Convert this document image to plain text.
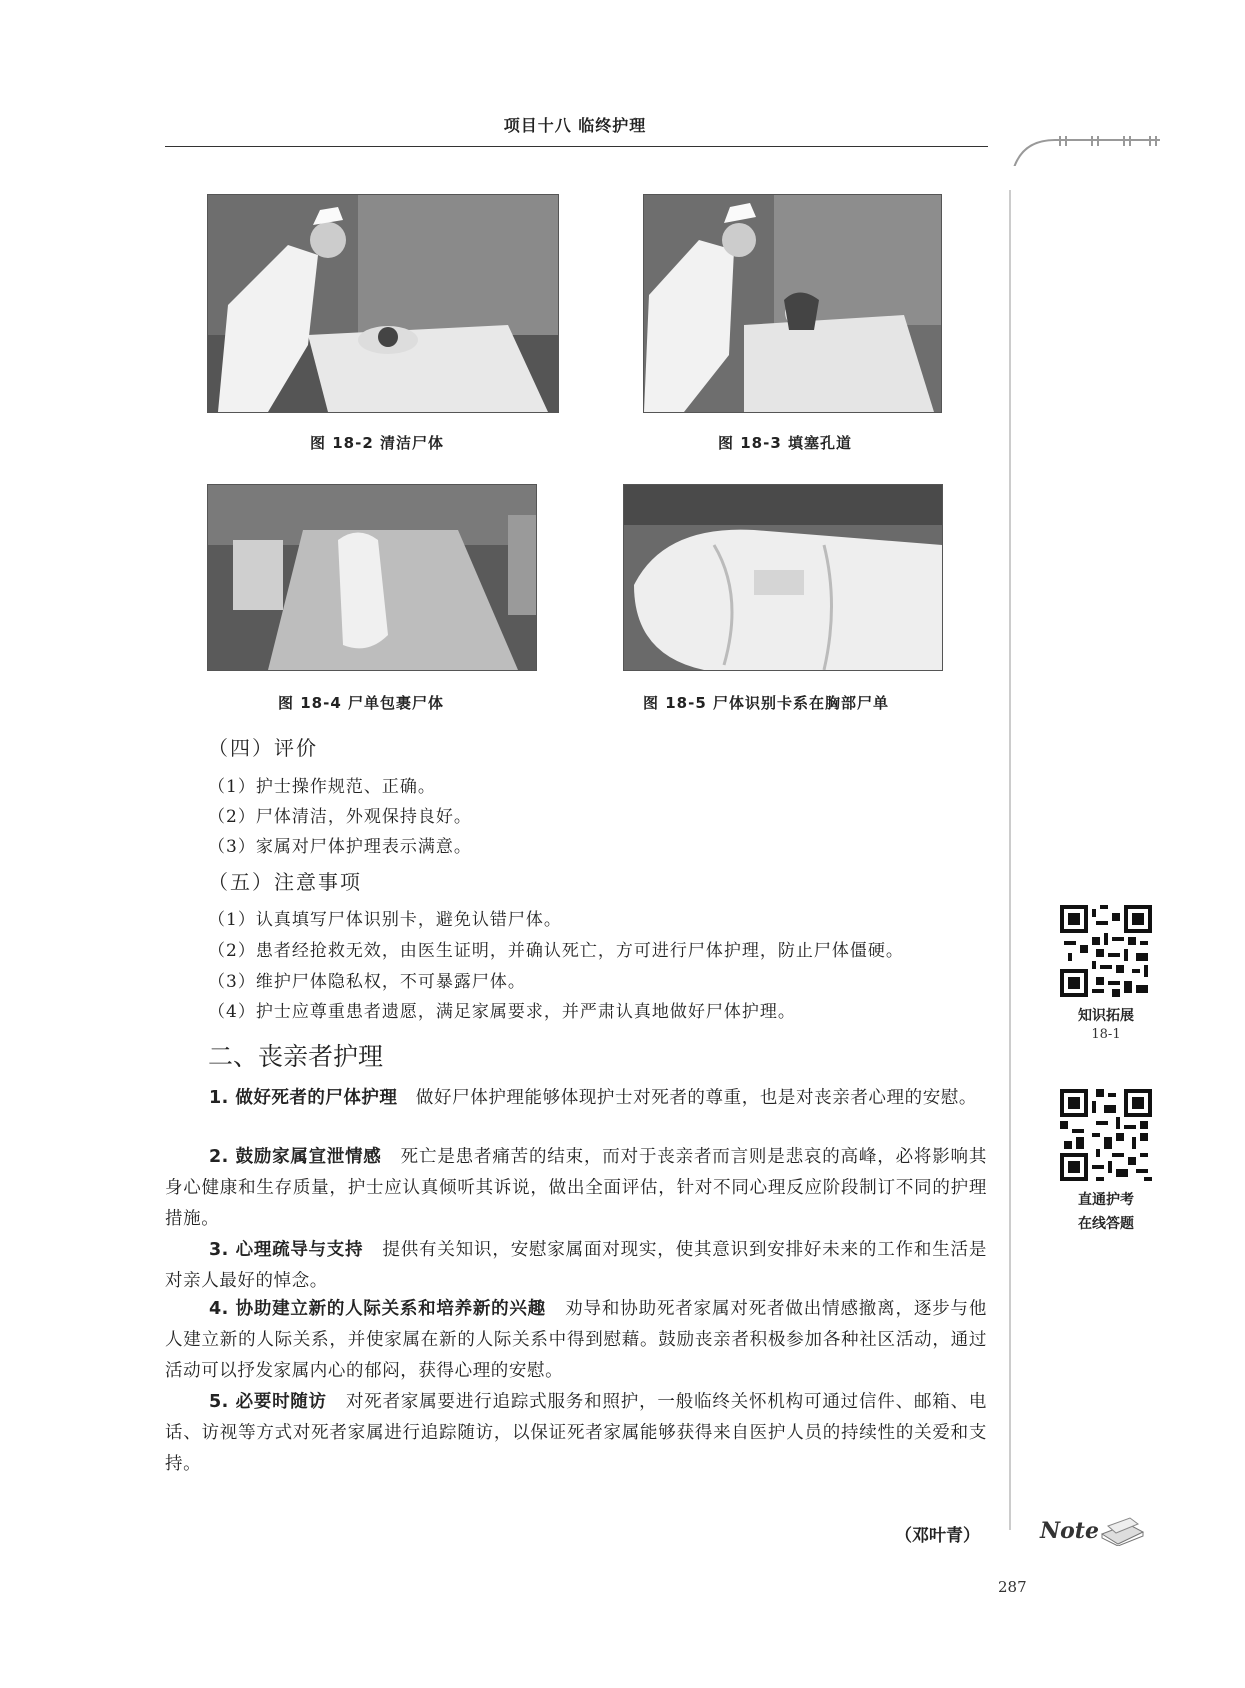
项目十八 临终护理
图 18-2 清洁尸体	图 18-3 填塞孔道
图 18-4 尸单包裹尸体	图 18-5 尸体识别卡系在胸部尸单
（四）评价
（1）护士操作规范、正确。
（2）尸体清洁，外观保持良好。
（3）家属对尸体护理表示满意。
（五）注意事项
（1）认真填写尸体识别卡，避免认错尸体。
（2）患者经抢救无效，由医生证明，并确认死亡，方可进行尸体护理，防止尸体僵硬。
（3）维护尸体隐私权，不可暴露尸体。
（4）护士应尊重患者遗愿，满足家属要求，并严肃认真地做好尸体护理。
二、丧亲者护理
1. 做好死者的尸体护理 做好尸体护理能够体现护士对死者的尊重，也是对丧亲者心理的安慰。
2. 鼓励家属宣泄情感 死亡是患者痛苦的结束，而对于丧亲者而言则是悲哀的高峰，必将影响其身心健康和生存质量，护士应认真倾听其诉说，做出全面评估，针对不同心理反应阶段制订不同的护理措施。
3. 心理疏导与支持 提供有关知识，安慰家属面对现实，使其意识到安排好未来的工作和生活是对亲人最好的悼念。
4. 协助建立新的人际关系和培养新的兴趣 劝导和协助死者家属对死者做出情感撤离，逐步与他人建立新的人际关系，并使家属在新的人际关系中得到慰藉。鼓励丧亲者积极参加各种社区活动，通过活动可以抒发家属内心的郁闷，获得心理的安慰。
5. 必要时随访 对死者家属要进行追踪式服务和照护，一般临终关怀机构可通过信件、邮箱、电话、访视等方式对死者家属进行追踪随访，以保证死者家属能够获得来自医护人员的持续性的关爱和支持。
（邓叶青）
287
知识拓展
18-1
直通护考
在线答题
Note
